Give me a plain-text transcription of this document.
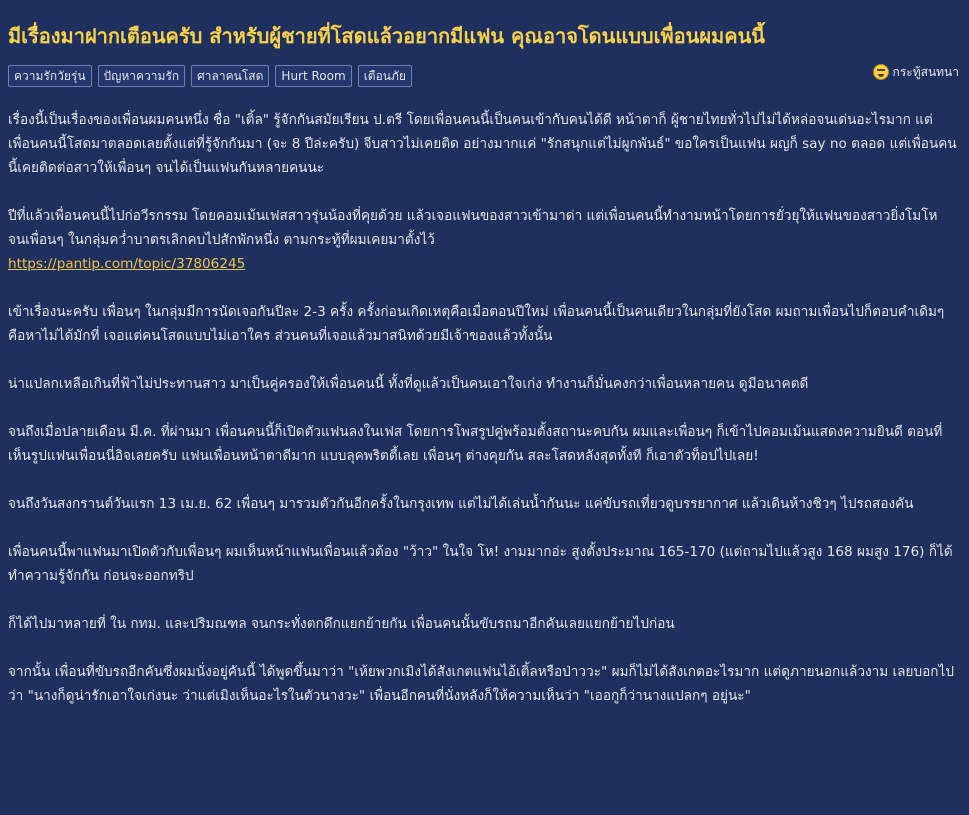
มีเรื่องมาฝากเตือนครับ สำหรับผู้ชายที่โสดแล้วอยากมีแฟน คุณอาจโดนแบบเพื่อนผมคนนี้
ความรักวัยรุ่น	ปัญหาความรัก	ศาลาคนโสด	Hurt Room	เตือนภัย	กระทู้สนทนา

เรื่องนี้เป็นเรื่องของเพื่อนผมคนหนึ่ง ชื่อ "เติ้ล" รู้จักกันสมัยเรียน ป.ตรี โดยเพื่อนคนนี้เป็นคนเข้ากับคนได้ดี หน้าตาก็ ผู้ชายไทยทั่วไปไม่ได้หล่อจนเด่นอะไรมาก แต่เพื่อนคนนี้โสดมาตลอดเลยตั้งแต่ที่รู้จักกันมา (จะ 8 ปีล่ะครับ) จีบสาวไม่เคยติด อย่างมากแค่ "รักสนุกแต่ไม่ผูกพันธ์" ขอใครเป็นแฟน ผญก็ say no ตลอด แต่เพื่อนคนนี้เคยติดต่อสาวให้เพื่อนๆ จนได้เป็นแฟนกันหลายคนนะ

ปีที่แล้วเพื่อนคนนี้ไปก่อวีรกรรม โดยคอมเม้นเฟสสาวรุ่นน้องที่คุยด้วย แล้วเจอแฟนของสาวเข้ามาด่า แต่เพื่อนคนนี้ทำงามหน้าโดยการยั่วยุให้แฟนของสาวยิ่งโมโห จนเพื่อนๆ ในกลุ่มคว่ำบาตรเลิกคบไปสักพักหนึ่ง ตามกระทู้ที่ผมเคยมาตั้งไว้
https://pantip.com/topic/37806245

เข้าเรื่องนะครับ เพื่อนๆ ในกลุ่มมีการนัดเจอกันปีละ 2-3 ครั้ง ครั้งก่อนเกิดเหตุคือเมื่อตอนปีใหม่ เพื่อนคนนี้เป็นคนเดียวในกลุ่มที่ยังโสด ผมถามเพื่อนไปก็ตอบคำเดิมๆ คือหาไม่ได้มักที่ เจอแต่คนโสดแบบไม่เอาใคร ส่วนคนที่เจอแล้วมาสนิทด้วยมีเจ้าของแล้วทั้งนั้น

น่าแปลกเหลือเกินที่ฟ้าไม่ประทานสาว มาเป็นคู่ครองให้เพื่อนคนนี้ ทั้งที่ดูแล้วเป็นคนเอาใจเก่ง ทำงานก็มั่นคงกว่าเพื่อนหลายคน ดูมีอนาคตดี

จนถึงเมื่อปลายเดือน มี.ค. ที่ผ่านมา เพื่อนคนนี้ก็เปิดตัวแฟนลงในเฟส โดยการโพสรูปคู่พร้อมตั้งสถานะคบกัน ผมและเพื่อนๆ ก็เข้าไปคอมเม้นแสดงความยินดี ตอนที่เห็นรูปแฟนเพื่อนนี่อิจเลยครับ แฟนเพื่อนหน้าตาดีมาก แบบลุคพริตตี้เลย เพื่อนๆ ต่างคุยกัน สละโสดหลังสุดทั้งที ก็เอาตัวท็อปไปเลย!

จนถึงวันสงกรานต์วันแรก 13 เม.ย. 62 เพื่อนๆ มารวมตัวกันอีกครั้งในกรุงเทพ แต่ไม่ได้เล่นน้ำกันนะ แค่ขับรถเที่ยวดูบรรยากาศ แล้วเดินห้างชิวๆ ไปรถสองคัน

เพื่อนคนนี้พาแฟนมาเปิดตัวกับเพื่อนๆ ผมเห็นหน้าแฟนเพื่อนแล้วต้อง "ว้าว" ในใจ โห! งามมากอ่ะ สูงตั้งประมาณ 165-170 (แต่ถามไปแล้วสูง 168 ผมสูง 176) ก็ได้ทำความรู้จักกัน ก่อนจะออกทริป

ก็ได้ไปมาหลายที่ ใน กทม. และปริมณฑล จนกระทั่งตกดึกแยกย้ายกัน เพื่อนคนนั้นขับรถมาอีกคันเลยแยกย้ายไปก่อน

จากนั้น เพื่อนที่ขับรถอีกคันซึ่งผมนั่งอยู่คันนี้ ได้พูดขึ้นมาว่า "เห้ยพวกเมิงได้สังเกตแฟนไอ้เติ้ลหรือป่าววะ" ผมก็ไม่ได้สังเกตอะไรมาก แต่ดูภายนอกแล้วงาม เลยบอกไปว่า "นางก็ดูน่ารักเอาใจเก่งนะ ว่าแต่เมิงเห็นอะไรในตัวนางวะ" เพื่อนอีกคนที่นั่งหลังก็ให้ความเห็นว่า "เออกูก็ว่านางแปลกๆ อยู่นะ"
